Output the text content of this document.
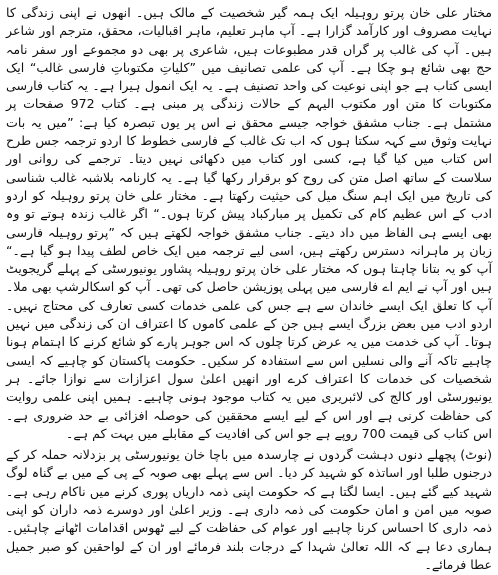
مختار علی خان پرتو روہیلہ ایک ہمہ گیر شخصیت کے مالک ہیں۔ انھوں نے اپنی زندگی کا نہایت مصروف اور کارآمد گزارا ہے۔ آپ ماہر تعلیم، ماہر اقبالیات، محقق، مترجم اور شاعر ہیں۔ آپ کی غالب پر گراں قدر مطبوعات ہیں، شاعری پر بھی دو مجموعے اور سفر نامہ حج بھی شائع ہو چکا ہے۔ آپ کی علمی تصانیف میں ”کلیاتِ مکتوباتِ فارسی غالب“ ایک ایسی کتاب ہے جو اپنی نوعیت کی واحد تصنیف ہے۔ یہ ایک انمول ہیرا ہے۔ یہ کتاب فارسی مکتوبات کا متن اور مکتوب الیہم کے حالات زندگی پر مبنی ہے۔ کتاب 972 صفحات پر مشتمل ہے۔ جناب مشفق خواجہ جیسے محقق نے اس پر یوں تبصرہ کیا ہے: ”میں یہ بات نہایت وثوق سے کہہ سکتا ہوں کہ اب تک غالب کے فارسی خطوط کا اردو ترجمہ جس طرح اس کتاب میں کیا گیا ہے، کسی اور کتاب میں دکھائی نہیں دیتا۔ ترجمے کی روانی اور سلاست کے ساتھ اصل متن کی روح کو برقرار رکھا گیا ہے۔ یہ کارنامہ بلاشبہ غالب شناسی کی تاریخ میں ایک اہم سنگ میل کی حیثیت رکھتا ہے۔ مختار علی خان پرتو روہیلہ کو اردو ادب کے اس عظیم کام کی تکمیل پر مبارکباد پیش کرتا ہوں۔“ اگر غالب زندہ ہوتے تو وہ بھی ایسے ہی الفاظ میں داد دیتے۔ جناب مشفق خواجہ لکھتے ہیں کہ ”پرتو روہیلہ فارسی زبان پر ماہرانہ دسترس رکھتے ہیں، اسی لیے ترجمہ میں ایک خاص لطف پیدا ہو گیا ہے۔“ آپ کو یہ بتانا چاہتا ہوں کہ مختار علی خان پرتو روہیلہ پشاور یونیورسٹی کے پہلے گریجویٹ ہیں اور آپ نے ایم اے فارسی میں پہلی پوزیشن حاصل کی تھی۔ آپ کو اسکالرشپ بھی ملا۔ آپ کا تعلق ایک ایسے خاندان سے ہے جس کی علمی خدمات کسی تعارف کی محتاج نہیں۔ اردو ادب میں بعض بزرگ ایسے ہیں جن کے علمی کاموں کا اعتراف ان کی زندگی میں نہیں ہوتا۔ آپ کی خدمت میں یہ عرض کرتا چلوں کہ اس جوہر پارے کو شائع کرنے کا اہتمام ہونا چاہیے تاکہ آنے والی نسلیں اس سے استفادہ کر سکیں۔ حکومت پاکستان کو چاہیے کہ ایسی شخصیات کی خدمات کا اعتراف کرے اور انھیں اعلیٰ سول اعزازات سے نوازا جائے۔ ہر یونیورسٹی اور کالج کی لائبریری میں یہ کتاب موجود ہونی چاہیے۔ ہمیں اپنی علمی روایت کی حفاظت کرنی ہے اور اس کے لیے ایسے محققین کی حوصلہ افزائی بے حد ضروری ہے۔ اس کتاب کی قیمت 700 روپے ہے جو اس کی افادیت کے مقابلے میں بہت کم ہے۔

(نوٹ) پچھلے دنوں دہشت گردوں نے چارسدہ میں باچا خان یونیورسٹی پر بزدلانہ حملہ کر کے درجنوں طلبا اور اساتذہ کو شہید کر دیا۔ اس سے پہلے بھی صوبہ کے پی کے میں بے گناہ لوگ شہید کیے گئے ہیں۔ ایسا لگتا ہے کہ حکومت اپنی ذمہ داریاں پوری کرنے میں ناکام رہی ہے۔ صوبہ میں امن و امان حکومت کی ذمہ داری ہے۔ وزیر اعلیٰ اور دوسرے ذمہ داران کو اپنی ذمہ داری کا احساس کرنا چاہیے اور عوام کی حفاظت کے لیے ٹھوس اقدامات اٹھانے چاہئیں۔ ہماری دعا ہے کہ اللہ تعالیٰ شہدا کے درجات بلند فرمائے اور ان کے لواحقین کو صبر جمیل عطا فرمائے۔
